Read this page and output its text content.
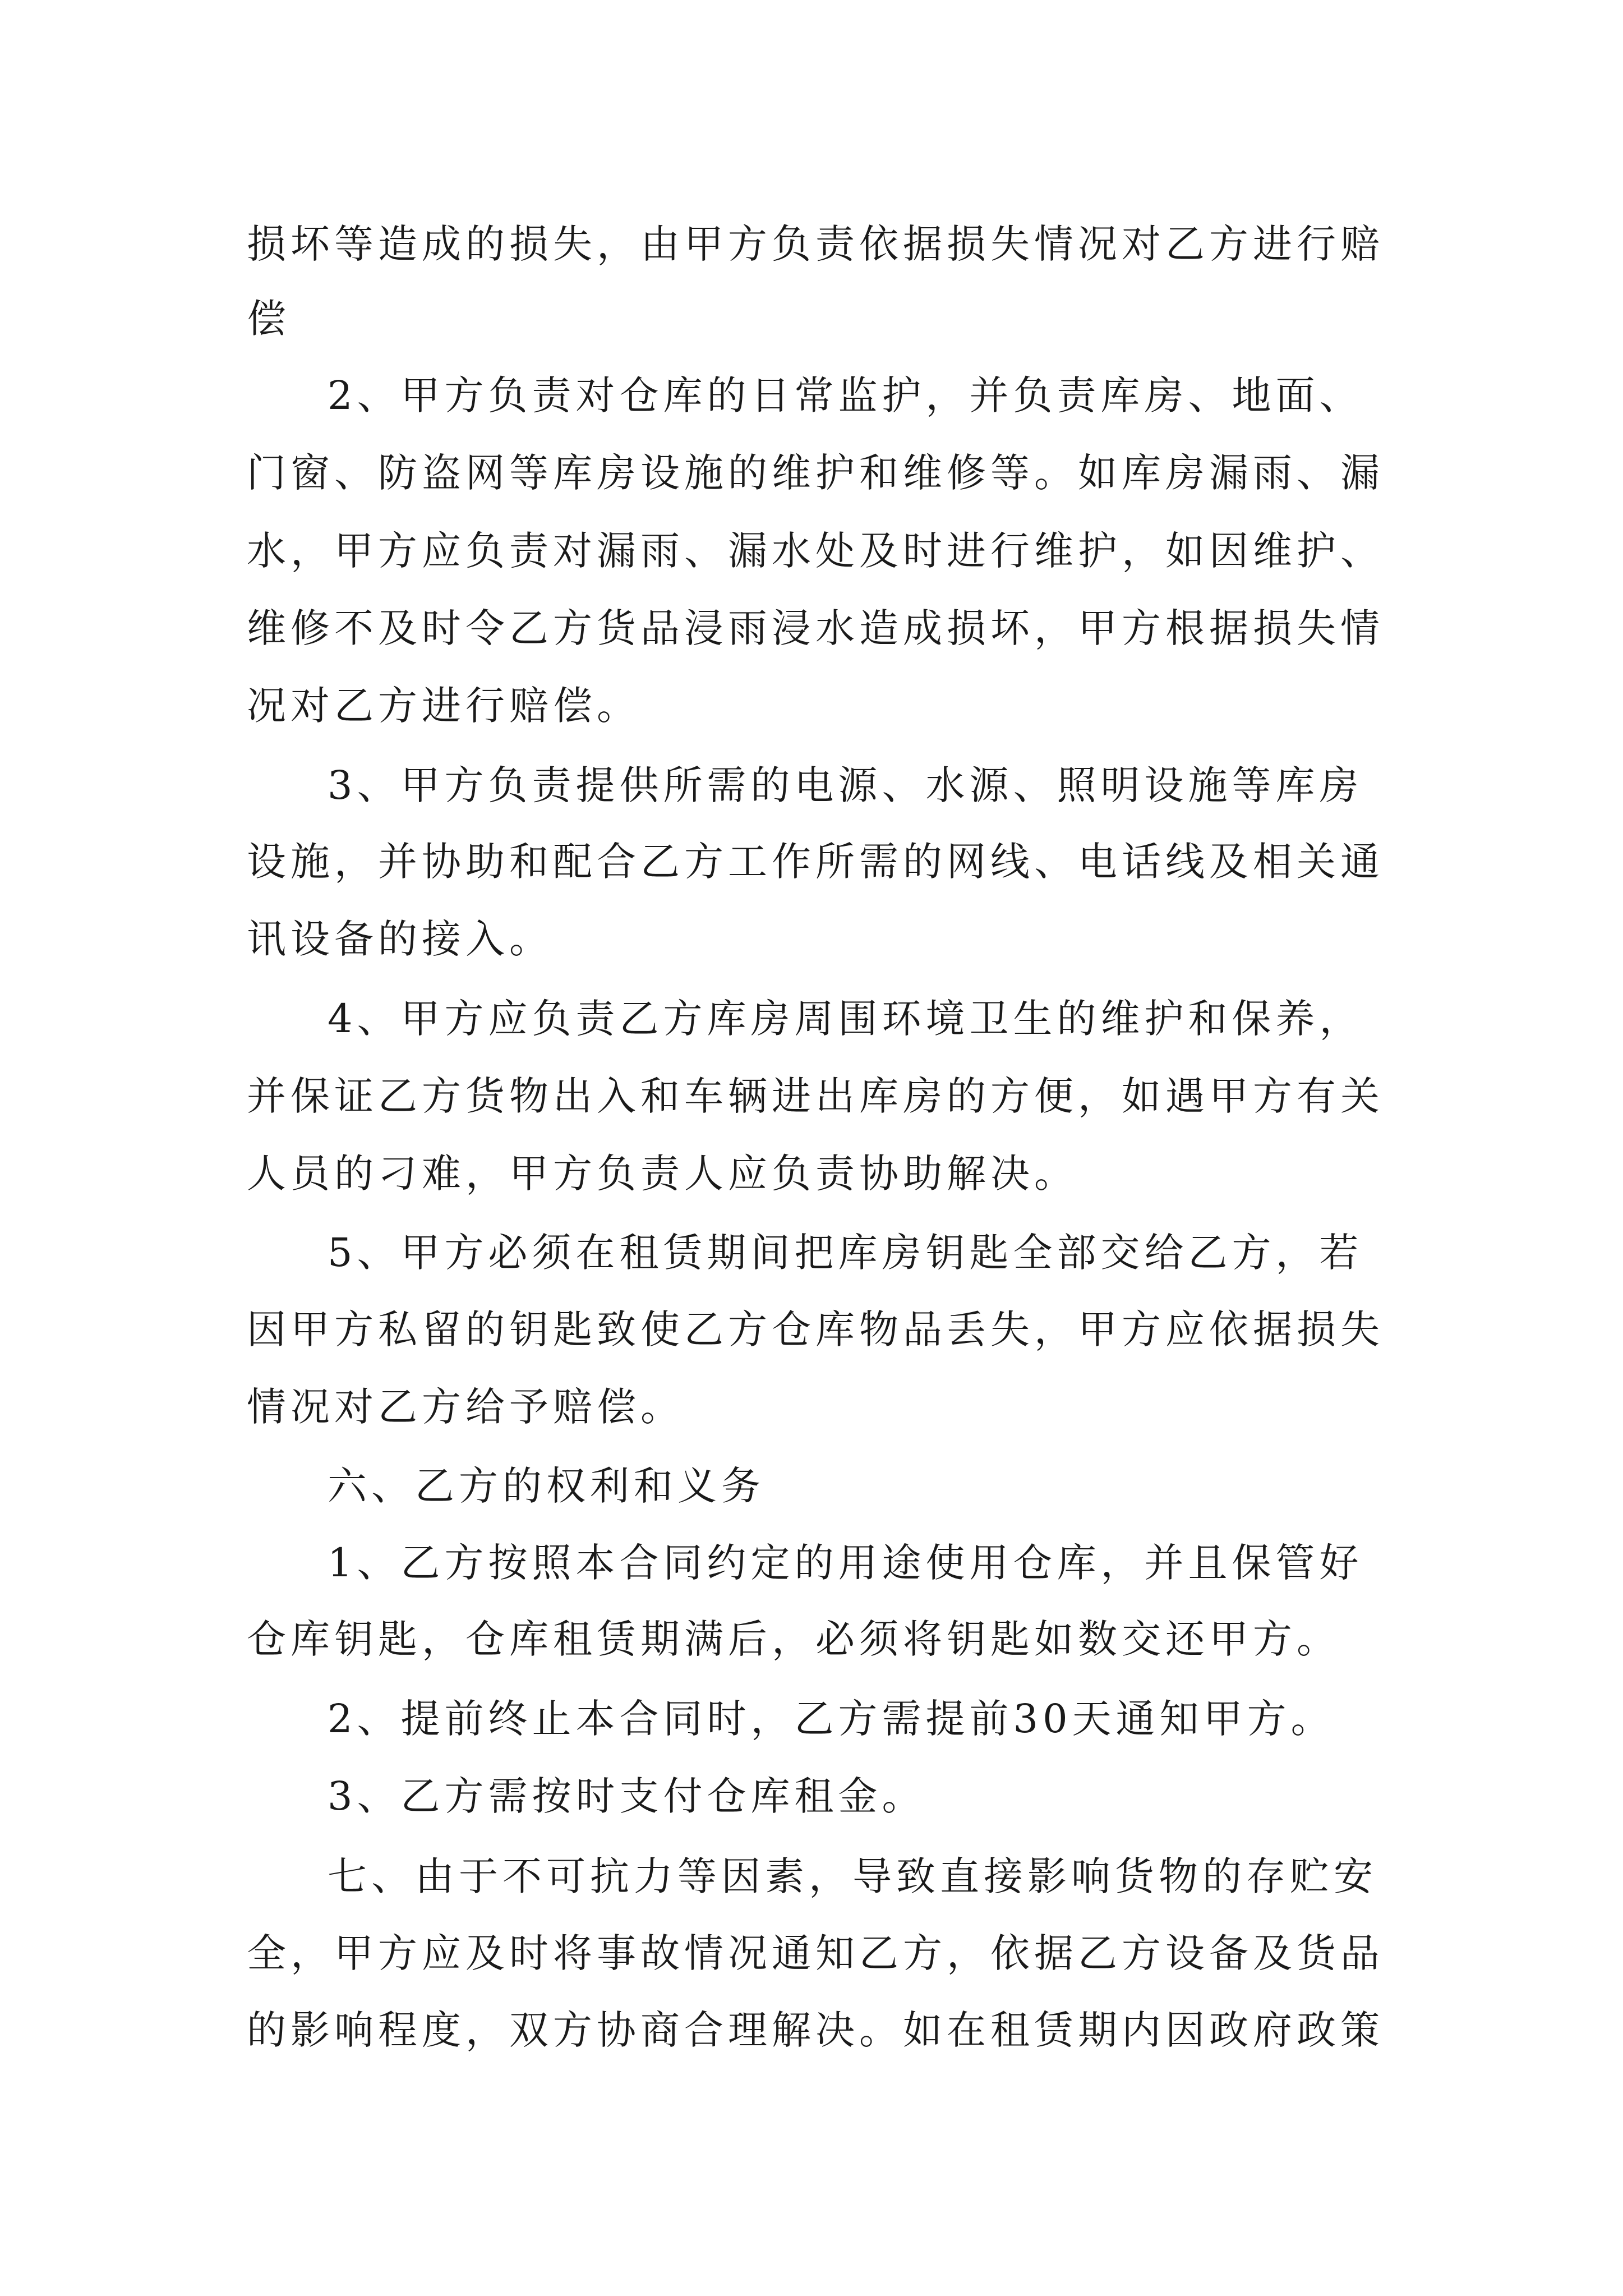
损坏等造成的损失，由甲方负责依据损失情况对乙方进行赔
偿
2、甲方负责对仓库的日常监护，并负责库房、地面、
门窗、防盗网等库房设施的维护和维修等。如库房漏雨、漏
水，甲方应负责对漏雨、漏水处及时进行维护，如因维护、
维修不及时令乙方货品浸雨浸水造成损坏，甲方根据损失情
况对乙方进行赔偿。
3、甲方负责提供所需的电源、水源、照明设施等库房
设施，并协助和配合乙方工作所需的网线、电话线及相关通
讯设备的接入。
4、甲方应负责乙方库房周围环境卫生的维护和保养，
并保证乙方货物出入和车辆进出库房的方便，如遇甲方有关
人员的刁难，甲方负责人应负责协助解决。
5、甲方必须在租赁期间把库房钥匙全部交给乙方，若
因甲方私留的钥匙致使乙方仓库物品丢失，甲方应依据损失
情况对乙方给予赔偿。
六、乙方的权利和义务
1、乙方按照本合同约定的用途使用仓库，并且保管好
仓库钥匙，仓库租赁期满后，必须将钥匙如数交还甲方。
2、提前终止本合同时，乙方需提前30天通知甲方。
3、乙方需按时支付仓库租金。
七、由于不可抗力等因素，导致直接影响货物的存贮安
全，甲方应及时将事故情况通知乙方，依据乙方设备及货品
的影响程度，双方协商合理解决。如在租赁期内因政府政策
